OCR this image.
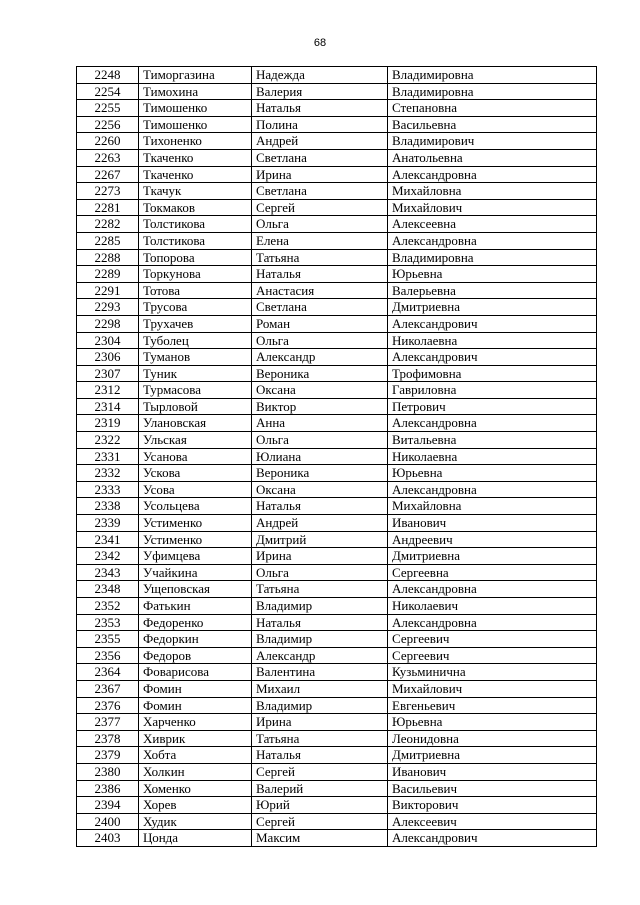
68
2248	Тиморгазина	Надежда	Владимировна
2254	Тимохина	Валерия	Владимировна
2255	Тимошенко	Наталья	Степановна
2256	Тимошенко	Полина	Васильевна
2260	Тихоненко	Андрей	Владимирович
2263	Ткаченко	Светлана	Анатольевна
2267	Ткаченко	Ирина	Александровна
2273	Ткачук	Светлана	Михайловна
2281	Токмаков	Сергей	Михайлович
2282	Толстикова	Ольга	Алексеевна
2285	Толстикова	Елена	Александровна
2288	Топорова	Татьяна	Владимировна
2289	Торкунова	Наталья	Юрьевна
2291	Тотова	Анастасия	Валерьевна
2293	Трусова	Светлана	Дмитриевна
2298	Трухачев	Роман	Александрович
2304	Туболец	Ольга	Николаевна
2306	Туманов	Александр	Александрович
2307	Туник	Вероника	Трофимовна
2312	Турмасова	Оксана	Гавриловна
2314	Тырловой	Виктор	Петрович
2319	Улановская	Анна	Александровна
2322	Ульская	Ольга	Витальевна
2331	Усанова	Юлиана	Николаевна
2332	Ускова	Вероника	Юрьевна
2333	Усова	Оксана	Александровна
2338	Усольцева	Наталья	Михайловна
2339	Устименко	Андрей	Иванович
2341	Устименко	Дмитрий	Андреевич
2342	Уфимцева	Ирина	Дмитриевна
2343	Учайкина	Ольга	Сергеевна
2348	Ущеповская	Татьяна	Александровна
2352	Фатькин	Владимир	Николаевич
2353	Федоренко	Наталья	Александровна
2355	Федоркин	Владимир	Сергеевич
2356	Федоров	Александр	Сергеевич
2364	Фоварисова	Валентина	Кузьминична
2367	Фомин	Михаил	Михайлович
2376	Фомин	Владимир	Евгеньевич
2377	Харченко	Ирина	Юрьевна
2378	Хиврик	Татьяна	Леонидовна
2379	Хобта	Наталья	Дмитриевна
2380	Холкин	Сергей	Иванович
2386	Хоменко	Валерий	Васильевич
2394	Хорев	Юрий	Викторович
2400	Худик	Сергей	Алексеевич
2403	Цонда	Максим	Александрович
